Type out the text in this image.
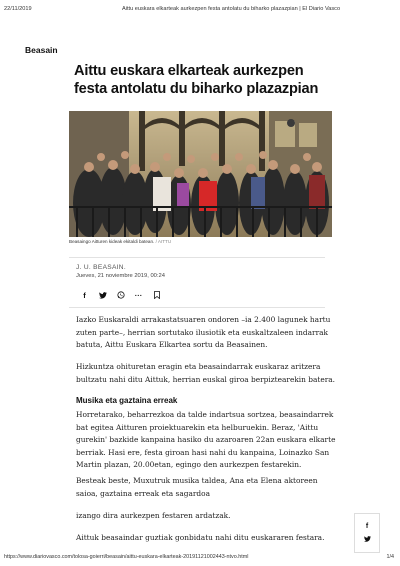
22/11/2019	Aittu euskara elkarteak aurkezpen festa antolatu du biharko plazazpian | El Diario Vasco
Beasain
Aittu euskara elkarteak aurkezpen festa antolatu du biharko plazazpian
Beasaingo Aitturen kideak ekitaldi batean. / AITTU
J. U. BEASAIN.
Jueves, 21 noviembre 2019, 00:24
f	···

Iazko Euskaraldi arrakastatsuaren ondoren –ia 2.400 lagunek hartu zuten parte–, herrian sortutako ilusiotik eta euskaltzaleen indarrak batuta, Aittu Euskara Elkartea sortu da Beasainen.

Hizkuntza ohituretan eragin eta beasaindarrak euskaraz aritzera bultzatu nahi ditu Aittuk, herrian euskal giroa berpiztearekin batera.

Musika eta gaztaina erreak

Horretarako, beharrezkoa da talde indartsua sortzea, beasaindarrek bat egitea Aitturen proiektuarekin eta helburuekin. Beraz, 'Aittu gurekin' bazkide kanpaina hasiko du azaroaren 22an euskara elkarte berriak. Hasi ere, festa giroan hasi nahi du kanpaina, Loinazko San Martin plazan, 20.00etan, egingo den aurkezpen festarekin.

Besteak beste, Muxutruk musika taldea, Ana eta Elena aktoreen saioa, gaztaina erreak eta sagardoa

izango dira aurkezpen festaren ardatzak.

Aittuk beasaindar guztiak gonbidatu nahi ditu euskararen festara.

f
https://www.diariovasco.com/tolosa-goierri/beasain/aittu-euskara-elkarteak-20191121002443-ntvo.html	1/4
